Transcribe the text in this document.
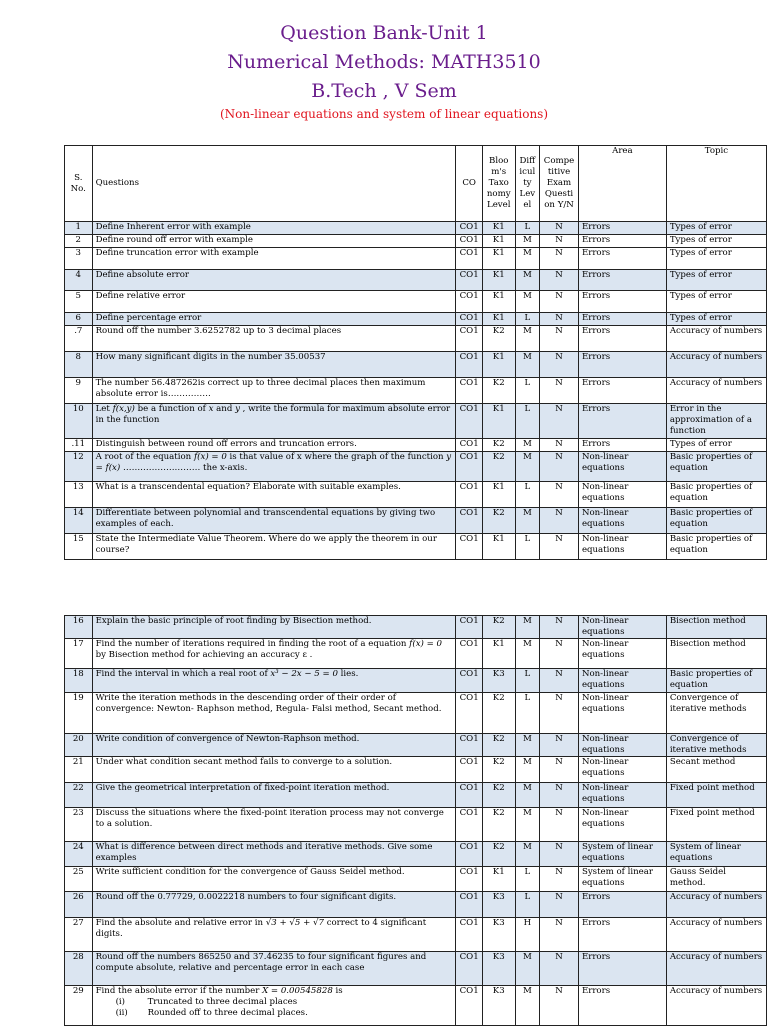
Question Bank-Unit 1
Numerical Methods: MATH3510
B.Tech , V Sem
(Non-linear equations and system of linear equations)
S. No.	Questions	CO	Bloom's Taxonomy Level	Difficulty Level	Competitive Exam Question Y/N	Area	Topic
1	Define Inherent error with example	CO1	K1	L	N	Errors	Types of error
2	Define round off error with example	CO1	K1	M	N	Errors	Types of error
3	Define truncation error with example	CO1	K1	M	N	Errors	Types of error
4	Define absolute error	CO1	K1	M	N	Errors	Types of error
5	Define relative error	CO1	K1	M	N	Errors	Types of error
6	Define percentage error	CO1	K1	L	N	Errors	Types of error
.7	Round off the number 3.6252782 up to 3 decimal places	CO1	K2	M	N	Errors	Accuracy of numbers
8	How many significant digits in the number 35.00537	CO1	K1	M	N	Errors	Accuracy of numbers
9	The number 56.487262is correct up to three decimal places then maximum absolute error is……………	CO1	K2	L	N	Errors	Accuracy of numbers
10	Let f(x,y) be a function of x and y , write the formula for maximum absolute error in the function	CO1	K1	L	N	Errors	Error in the approximation of a function
.11	Distinguish between round off errors and truncation errors.	CO1	K2	M	N	Errors	Types of error
12	A root of the equation f(x) = 0 is that value of x where the graph of the function y = f(x) ……………………… the x-axis.	CO1	K2	M	N	Non-linear equations	Basic properties of equation
13	What is a transcendental equation? Elaborate with suitable examples.	CO1	K1	L	N	Non-linear equations	Basic properties of equation
14	Differentiate between polynomial and transcendental equations by giving two examples of each.	CO1	K2	M	N	Non-linear equations	Basic properties of equation
15	State the Intermediate Value Theorem. Where do we apply the theorem in our course?	CO1	K1	L	N	Non-linear equations	Basic properties of equation
16	Explain the basic principle of root finding by Bisection method.	CO1	K2	M	N	Non-linear equations	Bisection method
17	Find the number of iterations required in finding the root of a equation f(x) = 0 by Bisection method for achieving an accuracy ε .	CO1	K1	M	N	Non-linear equations	Bisection method
18	Find the interval in which a real root of x³ − 2x − 5 = 0 lies.	CO1	K3	L	N	Non-linear equations	Basic properties of equation
19	Write the iteration methods in the descending order of their order of convergence: Newton- Raphson method, Regula- Falsi method, Secant method.	CO1	K2	L	N	Non-linear equations	Convergence of iterative methods
20	Write condition of convergence of Newton-Raphson method.	CO1	K2	M	N	Non-linear equations	Convergence of iterative methods
21	Under what condition secant method fails to converge to a solution.	CO1	K2	M	N	Non-linear equations	Secant method
22	Give the geometrical interpretation of fixed-point iteration method.	CO1	K2	M	N	Non-linear equations	Fixed point method
23	Discuss the situations where the fixed-point iteration process may not converge to a solution.	CO1	K2	M	N	Non-linear equations	Fixed point method
24	What is difference between direct methods and iterative methods. Give some examples	CO1	K2	M	N	System of linear equations	System of linear equations
25	Write sufficient condition for the convergence of Gauss Seidel method.	CO1	K1	L	N	System of linear equations	Gauss Seidel method.
26	Round off the 0.77729, 0.0022218 numbers to four significant digits.	CO1	K3	L	N	Errors	Accuracy of numbers
27	Find the absolute and relative error in √3 + √5 + √7 correct to 4 significant digits.	CO1	K3	H	N	Errors	Accuracy of numbers
28	Round off the numbers 865250 and 37.46235 to four significant figures and compute absolute, relative and percentage error in each case	CO1	K3	M	N	Errors	Accuracy of numbers
29	Find the absolute error if the number X = 0.00545828 is
(i) Truncated to three decimal places
(ii) Rounded off to three decimal places.	CO1	K3	M	N	Errors	Accuracy of numbers
